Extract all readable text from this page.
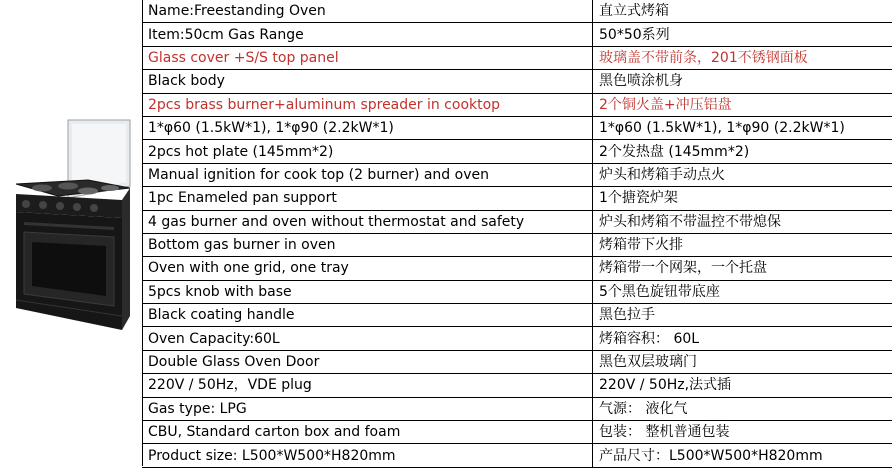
Name:Freestanding Oven	直立式烤箱
Item:50cm Gas Range	50*50系列
Glass cover +S/S top panel	玻璃盖不带前条，201不锈钢面板
Black body	黑色喷涂机身
2pcs brass burner+aluminum spreader in cooktop	2个铜火盖+冲压铝盘
1*φ60 (1.5kW*1), 1*φ90 (2.2kW*1)	1*φ60 (1.5kW*1), 1*φ90 (2.2kW*1)
2pcs hot plate (145mm*2)	2个发热盘 (145mm*2)
Manual ignition for cook top (2 burner) and oven	炉头和烤箱手动点火
1pc Enameled pan support	1个搪瓷炉架
4 gas burner and oven without thermostat and safety	炉头和烤箱不带温控不带熄保
Bottom gas burner in oven	烤箱带下火排
Oven with one grid, one tray	烤箱带一个网架，一个托盘
5pcs knob with base	5个黑色旋钮带底座
Black coating handle	黑色拉手
Oven Capacity:60L	烤箱容积： 60L
Double Glass Oven Door	黑色双层玻璃门
220V / 50Hz，VDE plug	220V / 50Hz,法式插
Gas type: LPG	气源： 液化气
CBU, Standard carton box and foam	包装： 整机普通包装
Product size: L500*W500*H820mm	产品尺寸：L500*W500*H820mm
